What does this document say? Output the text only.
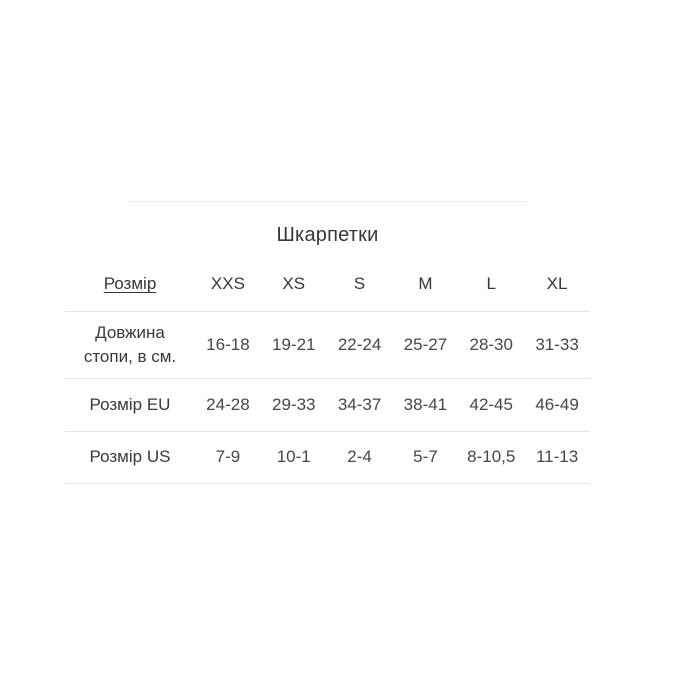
Шкарпетки
Розмір	XXS	XS	S	M	L	XL
Довжина стопи, в см.	16-18	19-21	22-24	25-27	28-30	31-33
Розмір EU	24-28	29-33	34-37	38-41	42-45	46-49
Розмір US	7-9	10-1	2-4	5-7	8-10,5	11-13
